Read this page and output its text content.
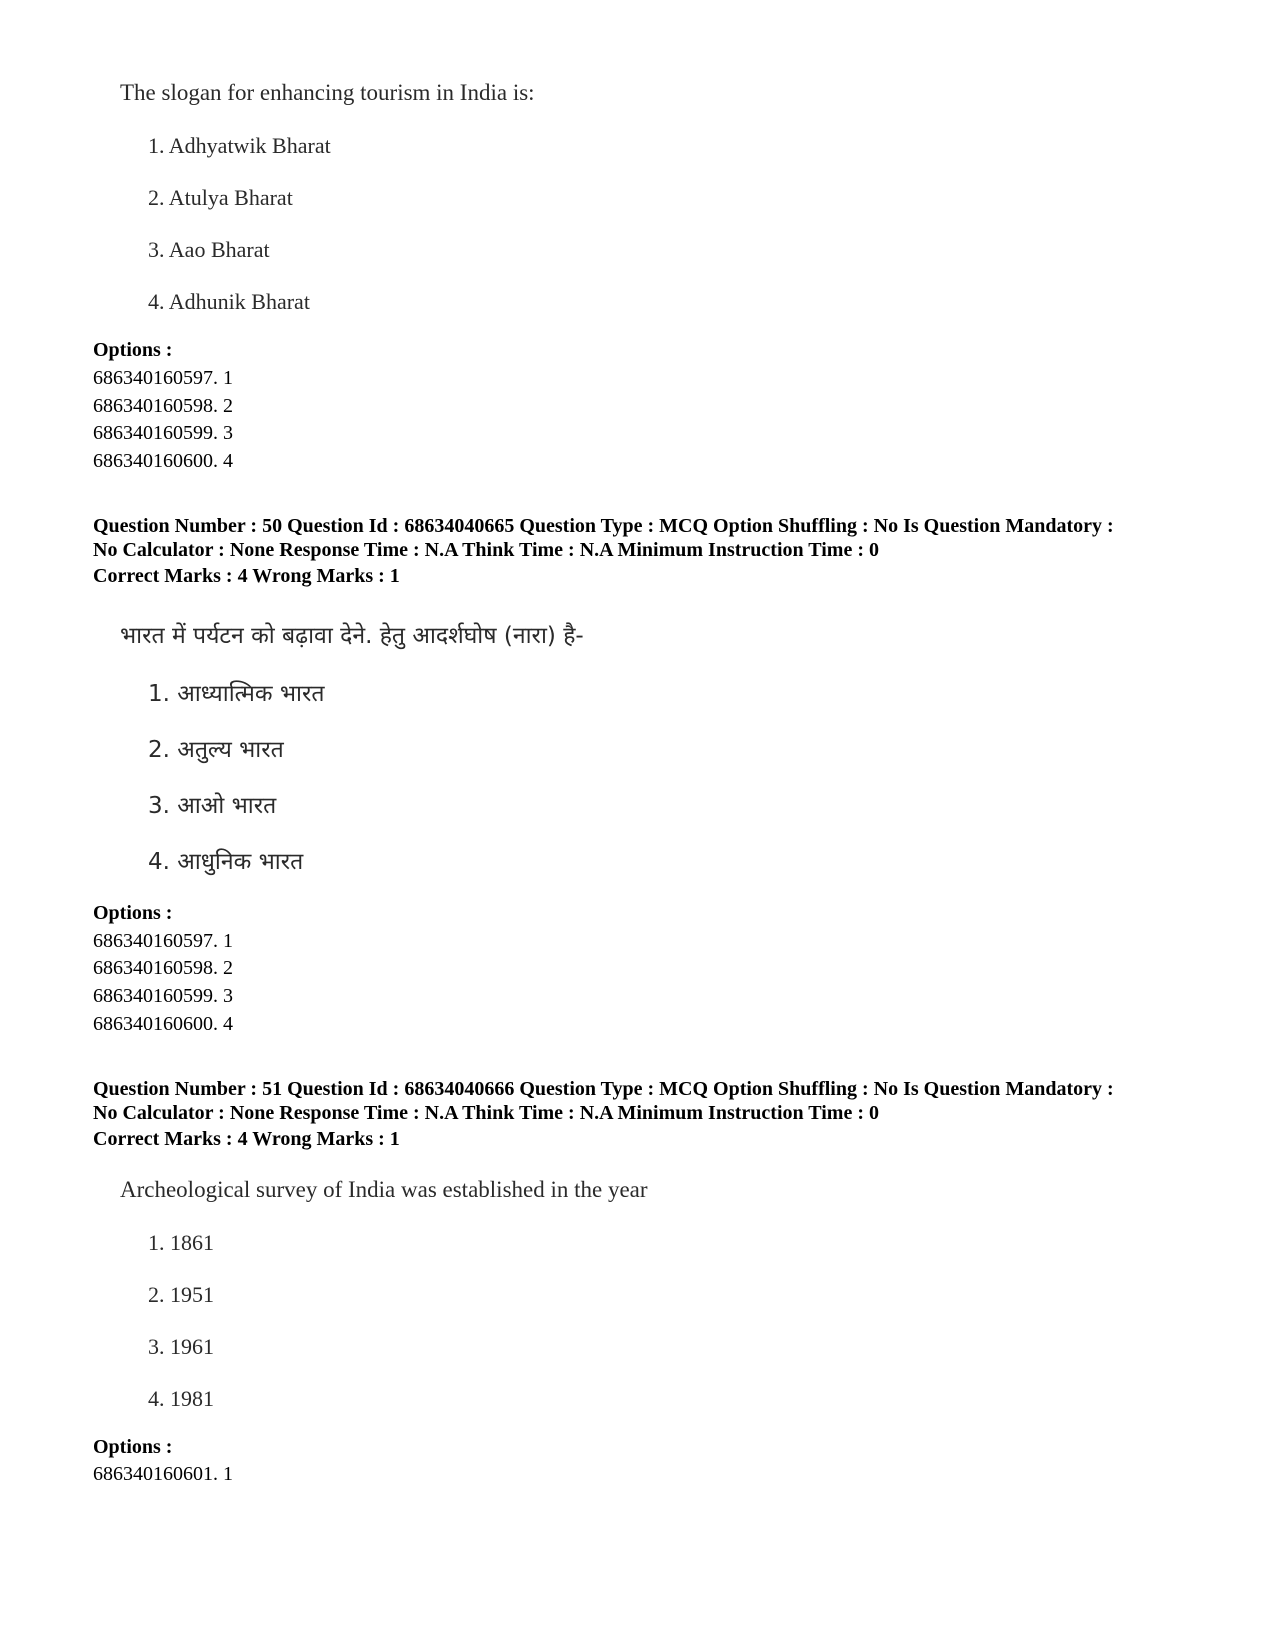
The slogan for enhancing tourism in India is:
1. Adhyatwik Bharat
2. Atulya Bharat
3. Aao Bharat
4. Adhunik Bharat
Options :
686340160597. 1
686340160598. 2
686340160599. 3
686340160600. 4
Question Number : 50 Question Id : 68634040665 Question Type : MCQ Option Shuffling : No Is Question Mandatory :
No Calculator : None Response Time : N.A Think Time : N.A Minimum Instruction Time : 0
Correct Marks : 4 Wrong Marks : 1
भारत में पर्यटन को बढ़ावा देने. हेतु आदर्शघोष (नारा) है-
1. आध्यात्मिक भारत
2. अतुल्य भारत
3. आओ भारत
4. आधुनिक भारत
Options :
686340160597. 1
686340160598. 2
686340160599. 3
686340160600. 4
Question Number : 51 Question Id : 68634040666 Question Type : MCQ Option Shuffling : No Is Question Mandatory :
No Calculator : None Response Time : N.A Think Time : N.A Minimum Instruction Time : 0
Correct Marks : 4 Wrong Marks : 1
Archeological survey of India was established in the year
1. 1861
2. 1951
3. 1961
4. 1981
Options :
686340160601. 1
